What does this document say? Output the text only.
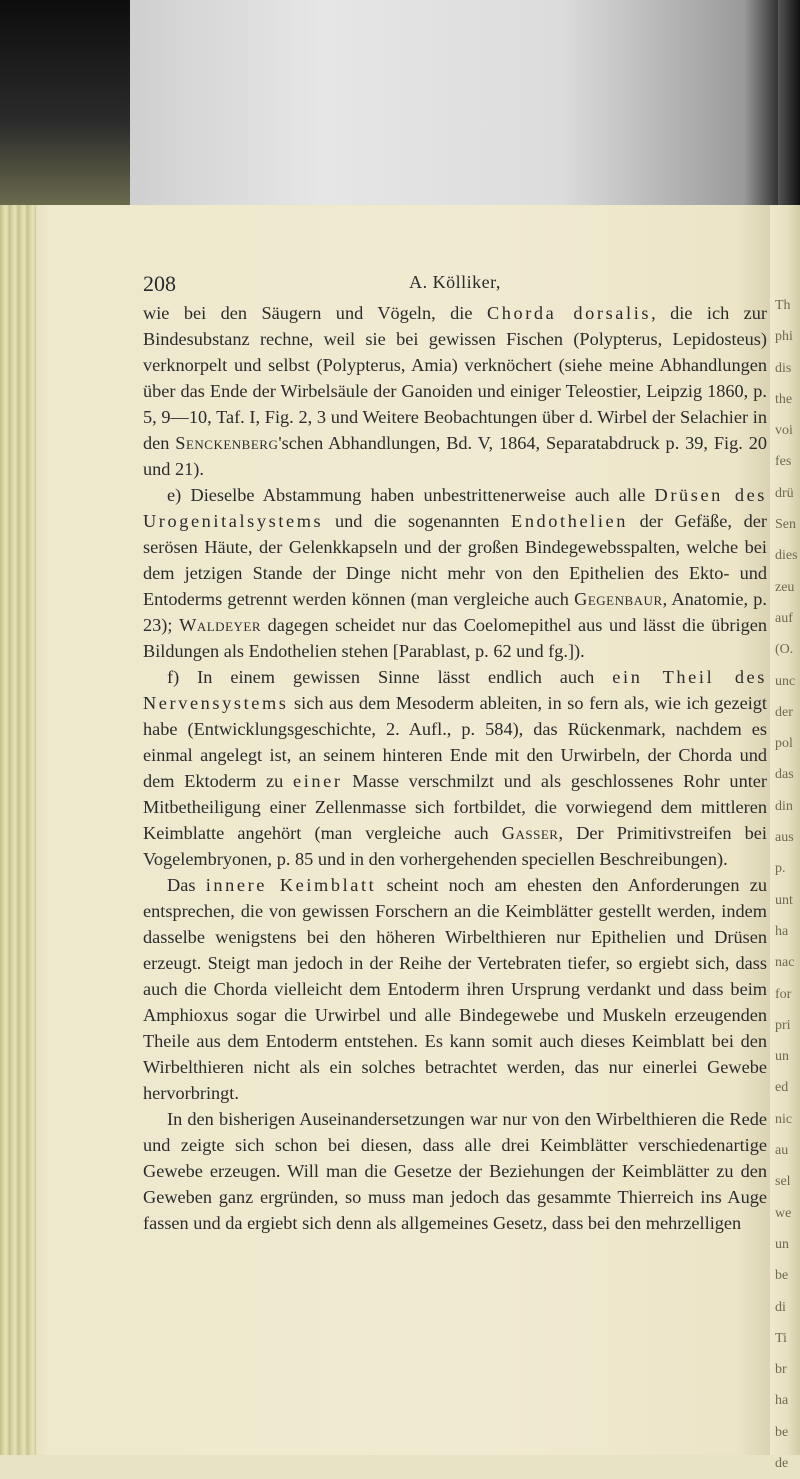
Th
phi
dis
the
voi
fes
drü
Sen
dies
zeu
auf
(O.
unc
der
pol
das
din
aus
p.
unt
ha
nac
for
pri
un
ed
nic
au
sel
we
un
be
di
Ti
br
ha
be
de
208	A. Kölliker,

wie bei den Säugern und Vögeln, die Chorda dorsalis, die ich zur Bindesubstanz rechne, weil sie bei gewissen Fischen (Polypterus, Lepidosteus) verknorpelt und selbst (Polypterus, Amia) verknöchert (siehe meine Abhandlungen über das Ende der Wirbelsäule der Ganoiden und einiger Teleostier, Leipzig 1860, p. 5, 9—10, Taf. I, Fig. 2, 3 und Weitere Beobachtungen über d. Wirbel der Selachier in den Senckenberg'schen Abhandlungen, Bd. V, 1864, Separatabdruck p. 39, Fig. 20 und 21).

e) Dieselbe Abstammung haben unbestrittenerweise auch alle Drüsen des Urogenitalsystems und die sogenannten Endothelien der Gefäße, der serösen Häute, der Gelenkkapseln und der großen Bindegewebsspalten, welche bei dem jetzigen Stande der Dinge nicht mehr von den Epithelien des Ekto- und Entoderms getrennt werden können (man vergleiche auch Gegenbaur, Anatomie, p. 23); Waldeyer dagegen scheidet nur das Coelomepithel aus und lässt die übrigen Bildungen als Endothelien stehen [Parablast, p. 62 und fg.]).

f) In einem gewissen Sinne lässt endlich auch ein Theil des Nervensystems sich aus dem Mesoderm ableiten, in so fern als, wie ich gezeigt habe (Entwicklungsgeschichte, 2. Aufl., p. 584), das Rückenmark, nachdem es einmal angelegt ist, an seinem hinteren Ende mit den Urwirbeln, der Chorda und dem Ektoderm zu einer Masse verschmilzt und als geschlossenes Rohr unter Mitbetheiligung einer Zellenmasse sich fortbildet, die vorwiegend dem mittleren Keimblatte angehört (man vergleiche auch Gasser, Der Primitivstreifen bei Vogelembryonen, p. 85 und in den vorhergehenden speciellen Beschreibungen).

Das innere Keimblatt scheint noch am ehesten den Anforderungen zu entsprechen, die von gewissen Forschern an die Keimblätter gestellt werden, indem dasselbe wenigstens bei den höheren Wirbelthieren nur Epithelien und Drüsen erzeugt. Steigt man jedoch in der Reihe der Vertebraten tiefer, so ergiebt sich, dass auch die Chorda vielleicht dem Entoderm ihren Ursprung verdankt und dass beim Amphioxus sogar die Urwirbel und alle Bindegewebe und Muskeln erzeugenden Theile aus dem Entoderm entstehen. Es kann somit auch dieses Keimblatt bei den Wirbelthieren nicht als ein solches betrachtet werden, das nur einerlei Gewebe hervorbringt.

In den bisherigen Auseinandersetzungen war nur von den Wirbelthieren die Rede und zeigte sich schon bei diesen, dass alle drei Keimblätter verschiedenartige Gewebe erzeugen. Will man die Gesetze der Beziehungen der Keimblätter zu den Geweben ganz ergründen, so muss man jedoch das gesammte Thierreich ins Auge fassen und da ergiebt sich denn als allgemeines Gesetz, dass bei den mehrzelligen
